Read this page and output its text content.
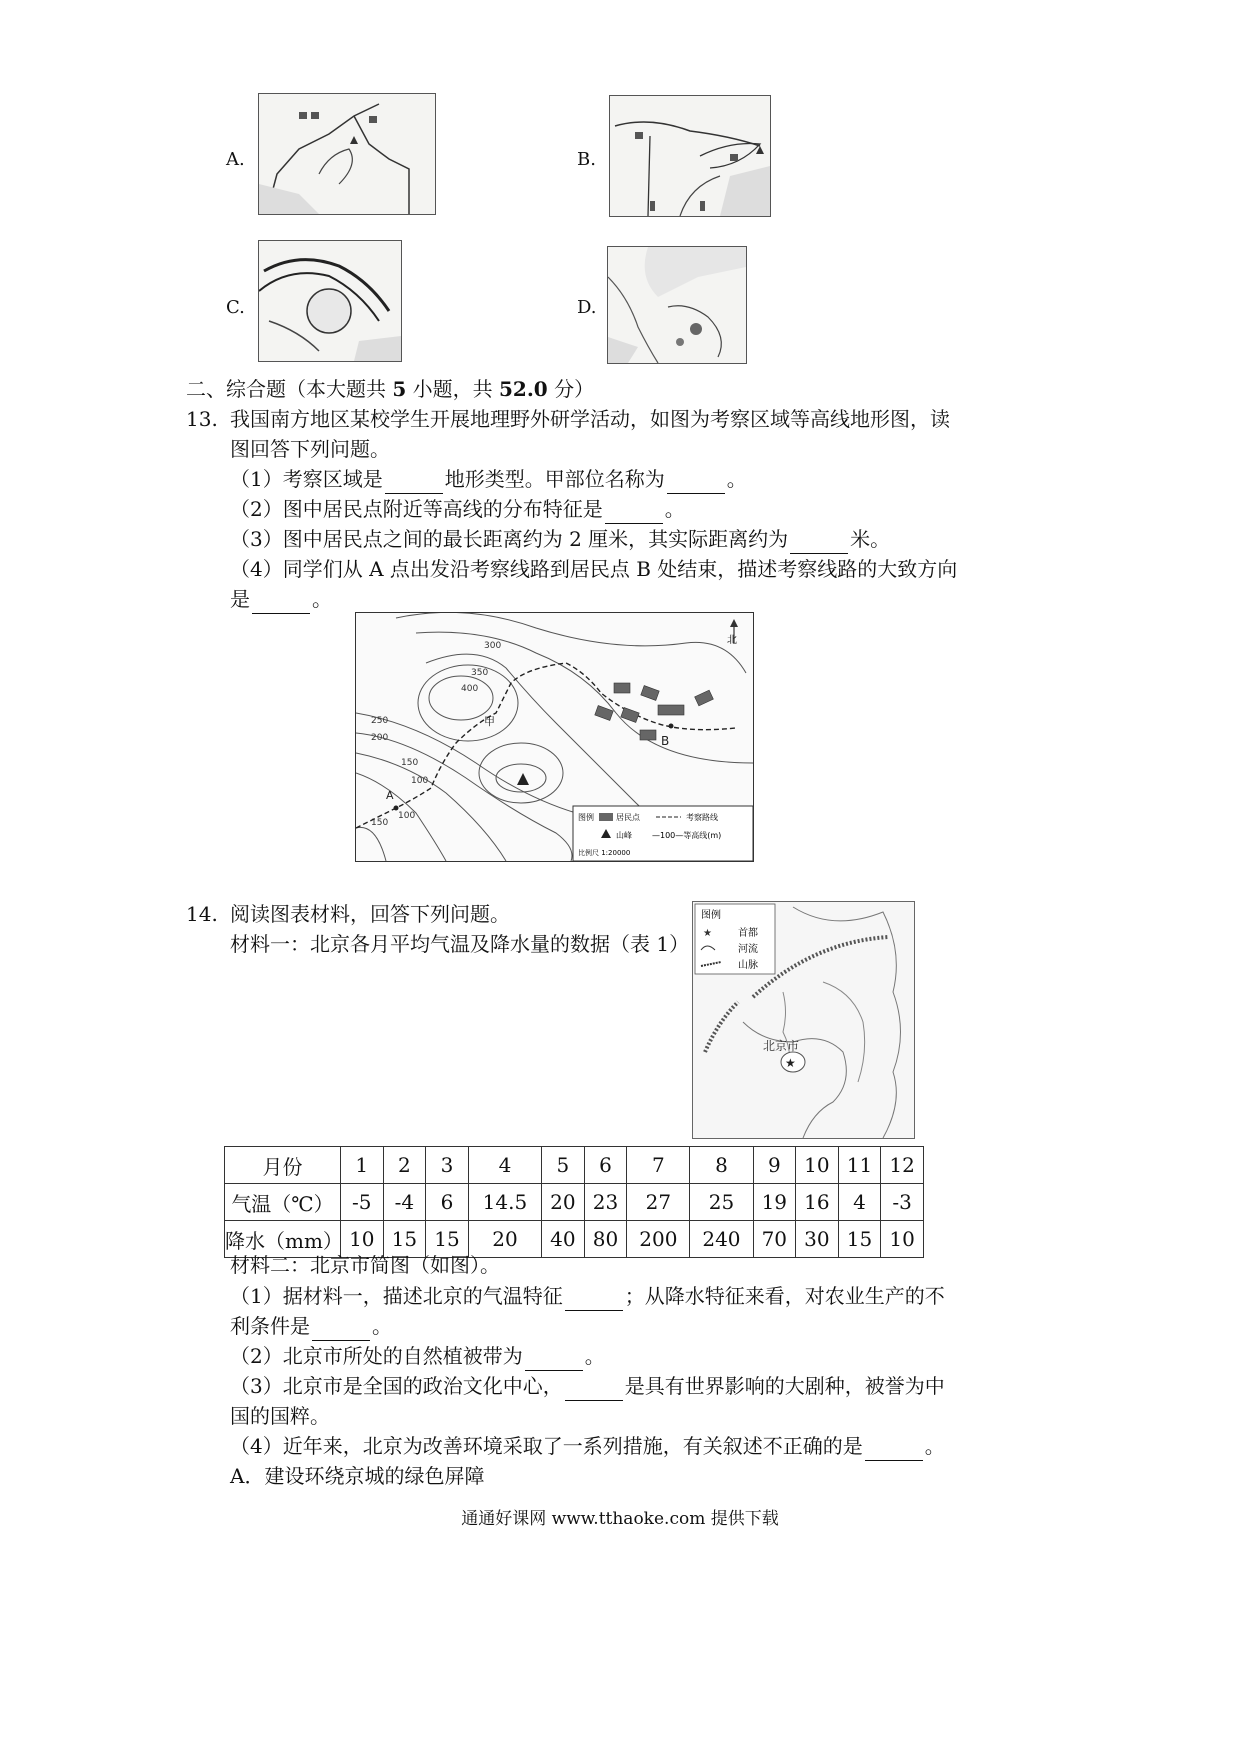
A.	B.
C.	D.
二、综合题（本大题共 5 小题，共 52.0 分）
13. 我国南方地区某校学生开展地理野外研学活动，如图为考察区域等高线地形图，读
图回答下列问题。
（1）考察区域是	地形类型。甲部位名称为	。
（2）图中居民点附近等高线的分布特征是	。
（3）图中居民点之间的最长距离约为 2 厘米，其实际距离约为	米。
（4）同学们从 A 点出发沿考察线路到居民点 B 处结束，描述考察线路的大致方向
是	。
北
300
350
400
250
200
150
100
100
150
甲
A
B
图例	居民点	考察路线
山峰	—100—等高线(m)
比例尺 1:20000
14. 阅读图表材料，回答下列问题。
材料一：北京各月平均气温及降水量的数据（表 1）
图例
★	首都
河流
山脉
★
北京市
月份	1	2	3	4	5	6	7	8	9	10	11	12
气温（℃）	-5	-4	6	14.5	20	23	27	25	19	16	4	-3
降水（mm）	10	15	15	20	40	80	200	240	70	30	15	10
材料二：北京市简图（如图）。
（1）据材料一，描述北京的气温特征	；从降水特征来看，对农业生产的不
利条件是	。
（2）北京市所处的自然植被带为	。
（3）北京市是全国的政治文化中心，	是具有世界影响的大剧种，被誉为中
国的国粹。
（4）近年来，北京为改善环境采取了一系列措施，有关叙述不正确的是	。
A．建设环绕京城的绿色屏障
通通好课网 www.tthaoke.com 提供下载
